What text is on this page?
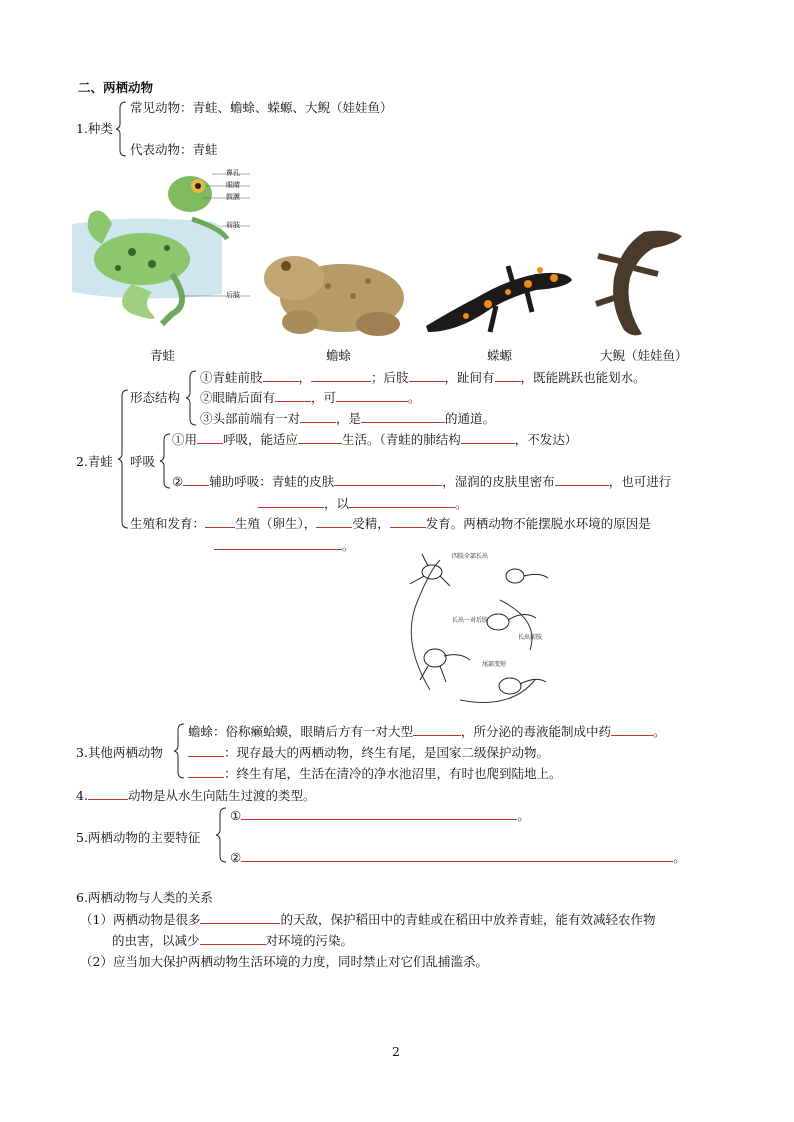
二、两栖动物
1.种类
常见动物：青蛙、蟾蜍、蝾螈、大鲵（娃娃鱼）
代表动物：青蛙
鼻孔
眼睛
鼓膜
前肢
后肢
青蛙	蟾蜍	蝾螈	大鲵（娃娃鱼）
2.青蛙
形态结构
①青蛙前肢	，	；后肢	，趾间有 ，既能跳跃也能划水。
②眼睛后面有	，可	。
③头部前端有一对	，是	的通道。
呼吸
①用 呼吸，能适应	生活。（青蛙的肺结构	，不发达）
② 辅助呼吸：青蛙的皮肤	，湿润的皮肤里密布	，也可进行
，以	。
生殖和发育： 生殖（卵生），	受精，	发育。两栖动物不能摆脱水环境的原因是
。
四肢全部长出
长出一对后肢
长出前肢
尾部变短
3.其他两栖动物
蟾蜍：俗称癞蛤蟆，眼睛后方有一对大型	，所分泌的毒液能制成中药	。
：现存最大的两栖动物，终生有尾，是国家二级保护动物。
：终生有尾，生活在清冷的净水池沼里，有时也爬到陆地上。
4.	动物是从水生向陆生过渡的类型。
5.两栖动物的主要特征
①	。
②	。
6.两栖动物与人类的关系
（1）两栖动物是很多	的天敌，保护稻田中的青蛙或在稻田中放养青蛙，能有效减轻农作物
的虫害，以减少	对环境的污染。
（2）应当加大保护两栖动物生活环境的力度，同时禁止对它们乱捕滥杀。
2
